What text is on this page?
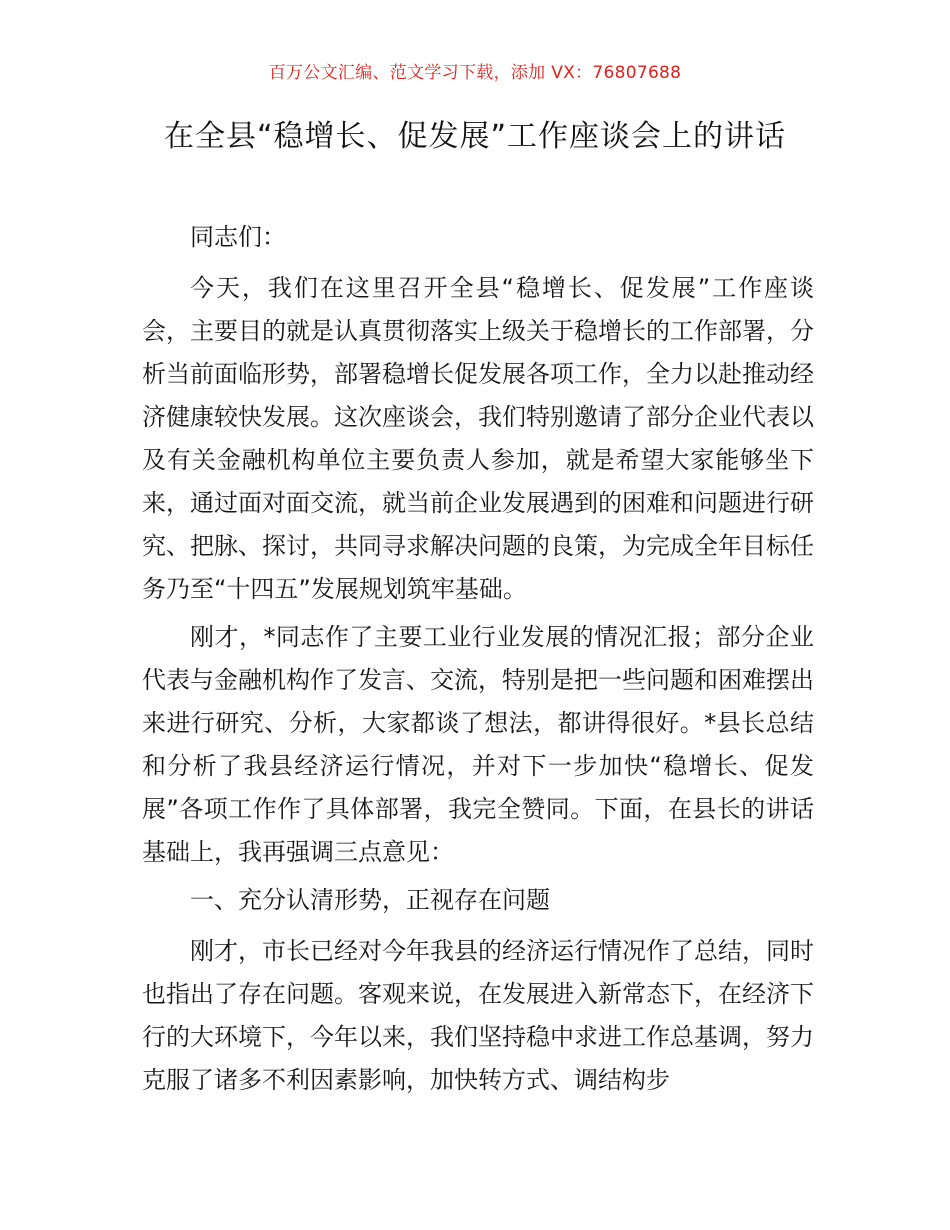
百万公文汇编、范文学习下载，添加 VX：76807688
在全县“稳增长、促发展”工作座谈会上的讲话

同志们：

今天，我们在这里召开全县“稳增长、促发展”工作座谈会，主要目的就是认真贯彻落实上级关于稳增长的工作部署，分析当前面临形势，部署稳增长促发展各项工作，全力以赴推动经济健康较快发展。这次座谈会，我们特别邀请了部分企业代表以及有关金融机构单位主要负责人参加，就是希望大家能够坐下来，通过面对面交流，就当前企业发展遇到的困难和问题进行研究、把脉、探讨，共同寻求解决问题的良策，为完成全年目标任务乃至“十四五”发展规划筑牢基础。

刚才，*同志作了主要工业行业发展的情况汇报；部分企业代表与金融机构作了发言、交流，特别是把一些问题和困难摆出来进行研究、分析，大家都谈了想法，都讲得很好。*县长总结和分析了我县经济运行情况，并对下一步加快“稳增长、促发展”各项工作作了具体部署，我完全赞同。下面，在县长的讲话基础上，我再强调三点意见：

一、充分认清形势，正视存在问题

刚才，市长已经对今年我县的经济运行情况作了总结，同时也指出了存在问题。客观来说，在发展进入新常态下，在经济下行的大环境下，今年以来，我们坚持稳中求进工作总基调，努力克服了诸多不利因素影响，加快转方式、调结构步
